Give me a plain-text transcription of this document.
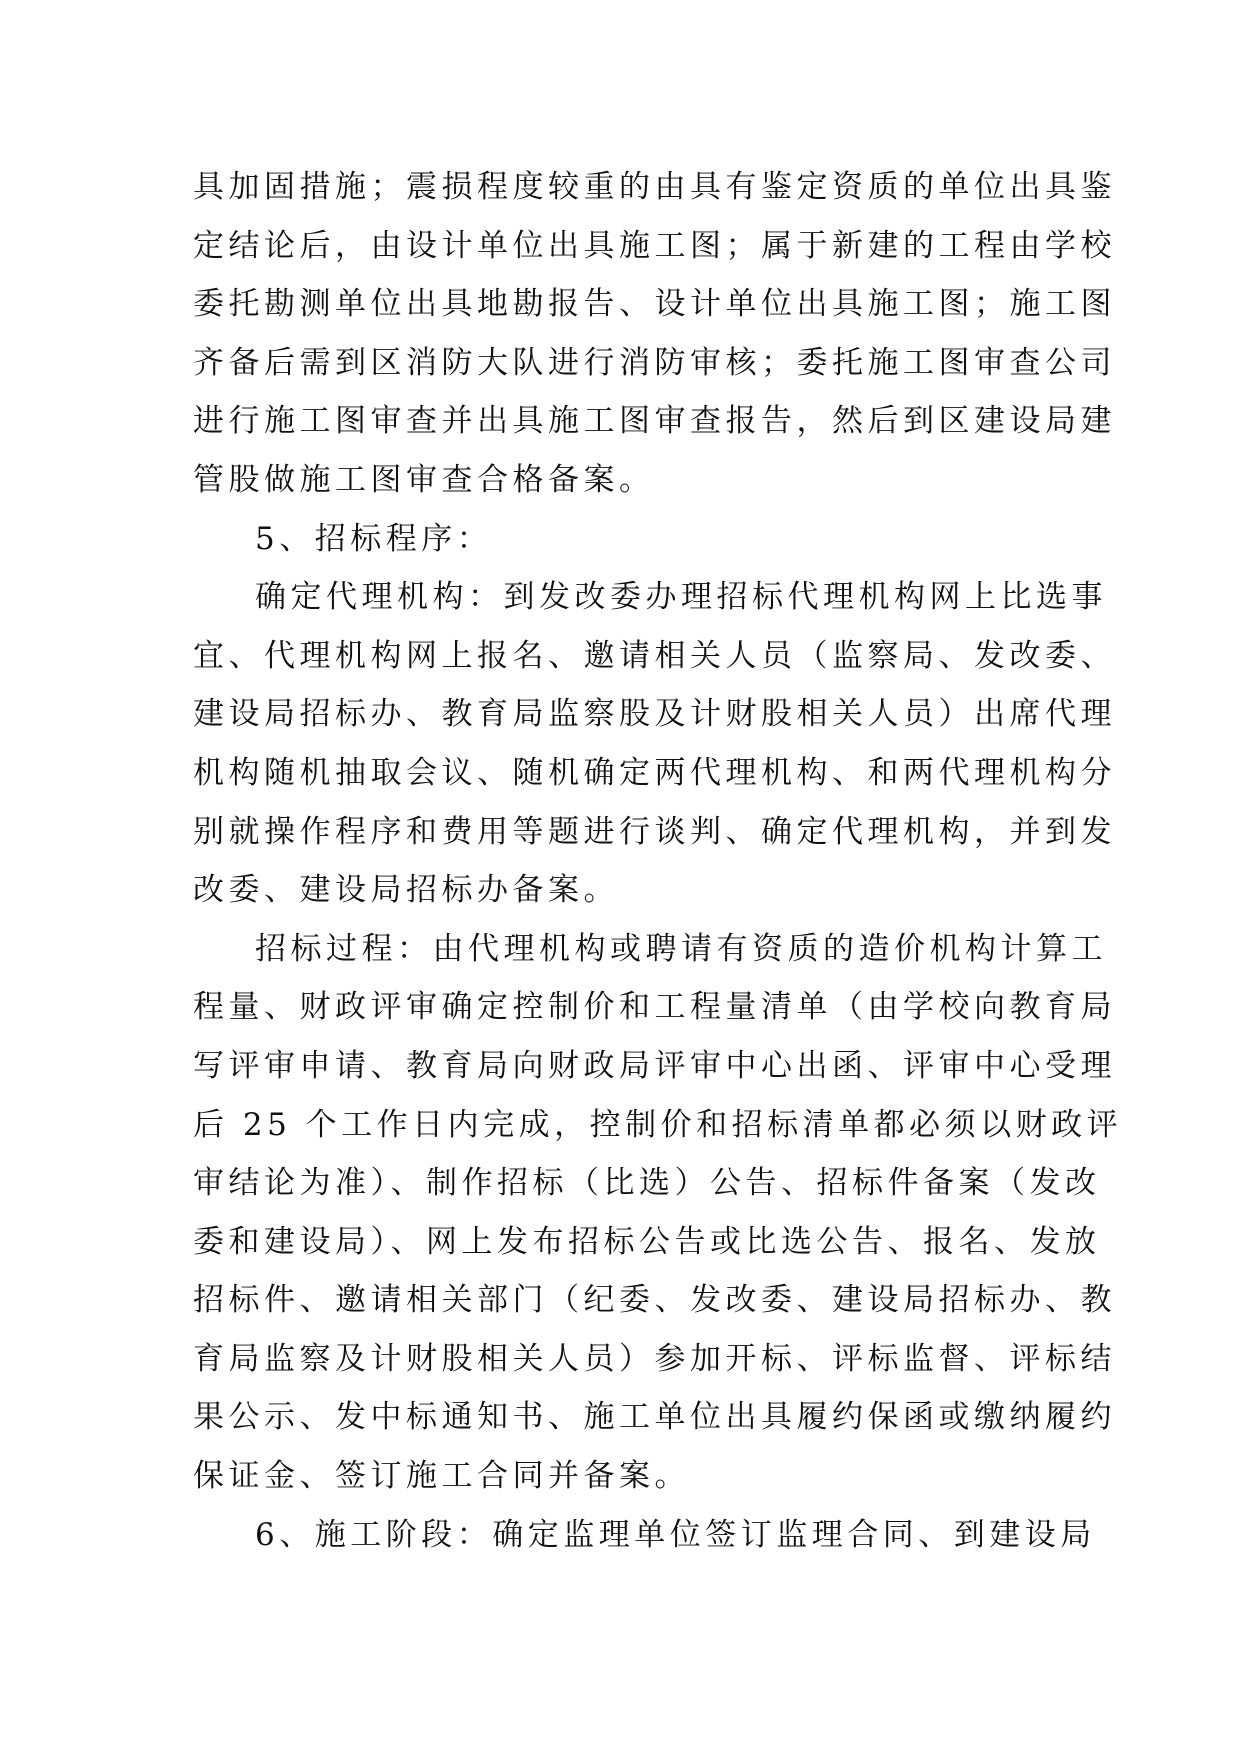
具加固措施；震损程度较重的由具有鉴定资质的单位出具鉴
定结论后，由设计单位出具施工图；属于新建的工程由学校
委托勘测单位出具地勘报告、设计单位出具施工图；施工图
齐备后需到区消防大队进行消防审核；委托施工图审查公司
进行施工图审查并出具施工图审查报告，然后到区建设局建
管股做施工图审查合格备案。
5、招标程序：
确定代理机构：到发改委办理招标代理机构网上比选事
宜、代理机构网上报名、邀请相关人员（监察局、发改委、
建设局招标办、教育局监察股及计财股相关人员）出席代理
机构随机抽取会议、随机确定两代理机构、和两代理机构分
别就操作程序和费用等题进行谈判、确定代理机构，并到发
改委、建设局招标办备案。
招标过程：由代理机构或聘请有资质的造价机构计算工
程量、财政评审确定控制价和工程量清单（由学校向教育局
写评审申请、教育局向财政局评审中心出函、评审中心受理
后 25 个工作日内完成，控制价和招标清单都必须以财政评
审结论为准）、制作招标（比选）公告、招标件备案（发改
委和建设局）、网上发布招标公告或比选公告、报名、发放
招标件、邀请相关部门（纪委、发改委、建设局招标办、教
育局监察及计财股相关人员）参加开标、评标监督、评标结
果公示、发中标通知书、施工单位出具履约保函或缴纳履约
保证金、签订施工合同并备案。
6、施工阶段：确定监理单位签订监理合同、到建设局
